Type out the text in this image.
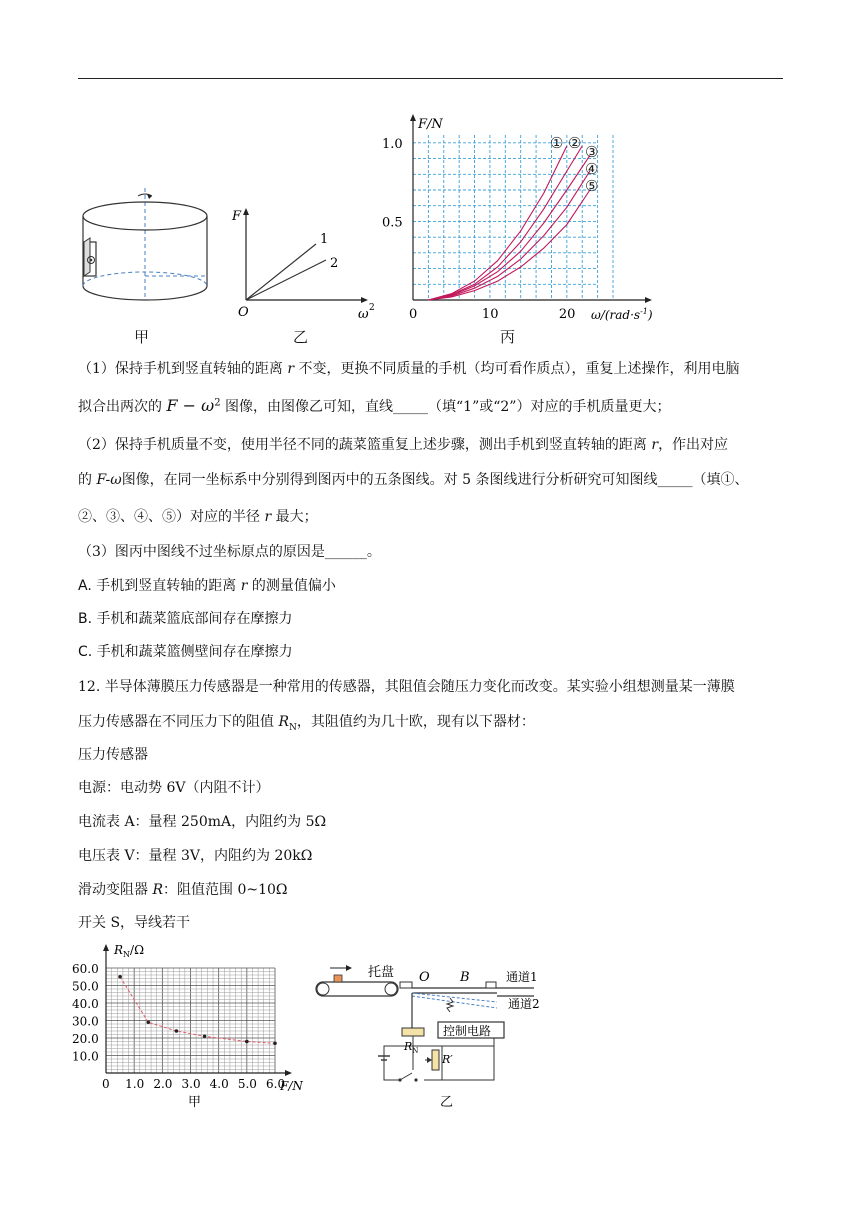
甲
F
O	ω 2
1
2
乙
1.0
0.5
0	10	20
① ② ③
④
⑤
F/N
$\omega/(rad\cdot s^{-1})$
丙
（1）保持手机到竖直转轴的距离 r 不变，更换不同质量的手机（均可看作质点），重复上述操作，利用电脑
拟合出两次的 $F - \omega^2$ 图像，由图像乙可知，直线_____（填“1”或“2”）对应的手机质量更大；
（2）保持手机质量不变，使用半径不同的蔬菜篮重复上述步骤，测出手机到竖直转轴的距离 r，作出对应
的 F-ω图像，在同一坐标系中分别得到图丙中的五条图线。对 5 条图线进行分析研究可知图线_____（填①、
②、③、④、⑤）对应的半径 r 最大；
（3）图丙中图线不过坐标原点的原因是______。
A. 手机到竖直转轴的距离 r 的测量值偏小
B. 手机和蔬菜篮底部间存在摩擦力
C. 手机和蔬菜篮侧壁间存在摩擦力
12. 半导体薄膜压力传感器是一种常用的传感器，其阻值会随压力变化而改变。某实验小组想测量某一薄膜
压力传感器在不同压力下的阻值 $R_N$，其阻值约为几十欧，现有以下器材：
压力传感器
电源：电动势 6V（内阻不计）
电流表 A：量程 250mA，内阻约为 5Ω
电压表 V：量程 3V，内阻约为 20kΩ
滑动变阻器 R：阻值范围 0~10Ω
开关 S，导线若干
60.0
50.0
40.0
30.0
20.0
10.0
0 1.0 2.0 3.0 4.0 5.0 6.0
$R_N/\Omega$
F/N
甲
托盘 O B	通道1
通道2
控制电路
$R_N$
R′
乙
